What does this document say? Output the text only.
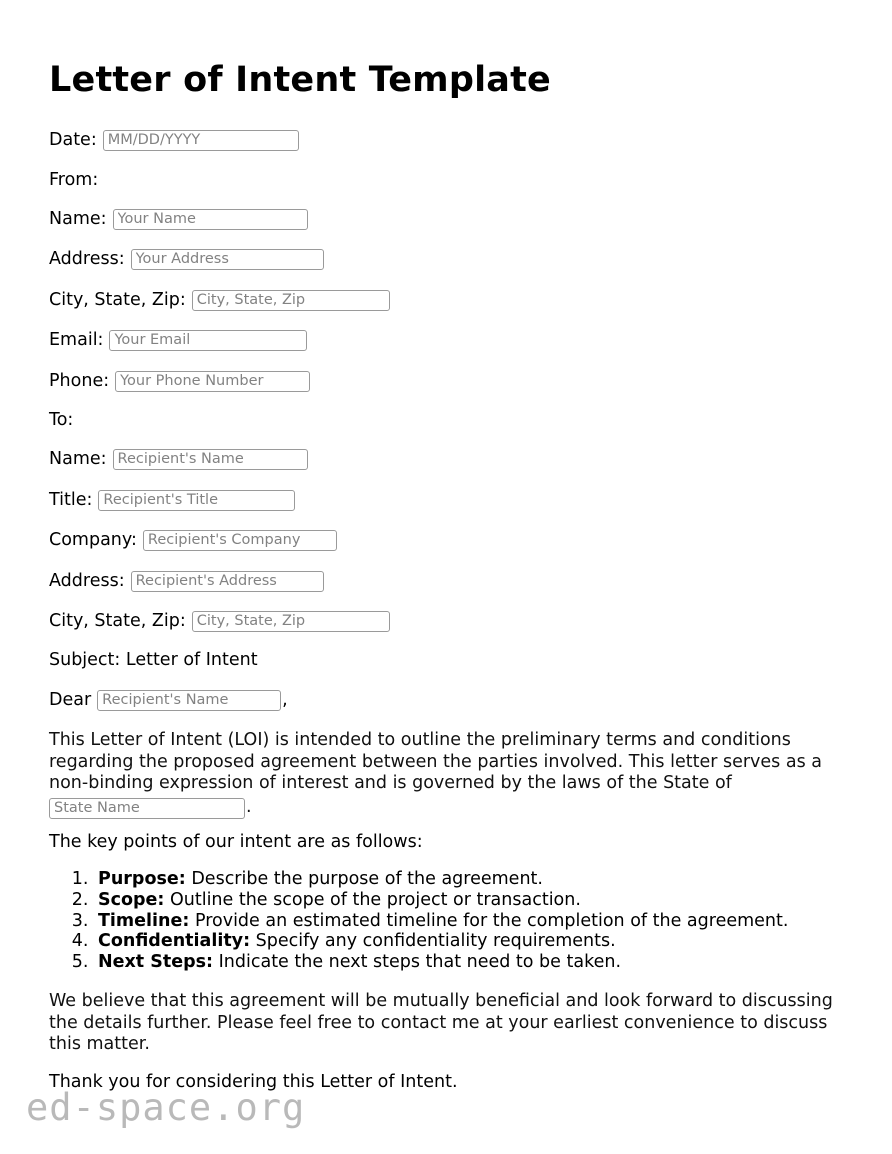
Letter of Intent Template
Date:
MM/DD/YYYY
From:
Name:
Your Name
Address:
Your Address
City, State, Zip:
City, State, Zip
Email:
Your Email
Phone:
Your Phone Number
To:
Name:
Recipient's Name
Title:
Recipient's Title
Company:
Recipient's Company
Address:
Recipient's Address
City, State, Zip:
City, State, Zip
Subject: Letter of Intent
Dear
Recipient's Name	,
This Letter of Intent (LOI) is intended to outline the preliminary terms and conditions regarding the proposed agreement between the parties involved. This letter serves as a non-binding expression of interest and is governed by the laws of the State of
State Name.
The key points of our intent are as follows:
1. Purpose: Describe the purpose of the agreement.
2. Scope: Outline the scope of the project or transaction.
3. Timeline: Provide an estimated timeline for the completion of the agreement.
4. Confidentiality: Specify any confidentiality requirements.
5. Next Steps: Indicate the next steps that need to be taken.
We believe that this agreement will be mutually beneficial and look forward to discussing the details further. Please feel free to contact me at your earliest convenience to discuss this matter.
Thank you for considering this Letter of Intent.
ed-space.org
